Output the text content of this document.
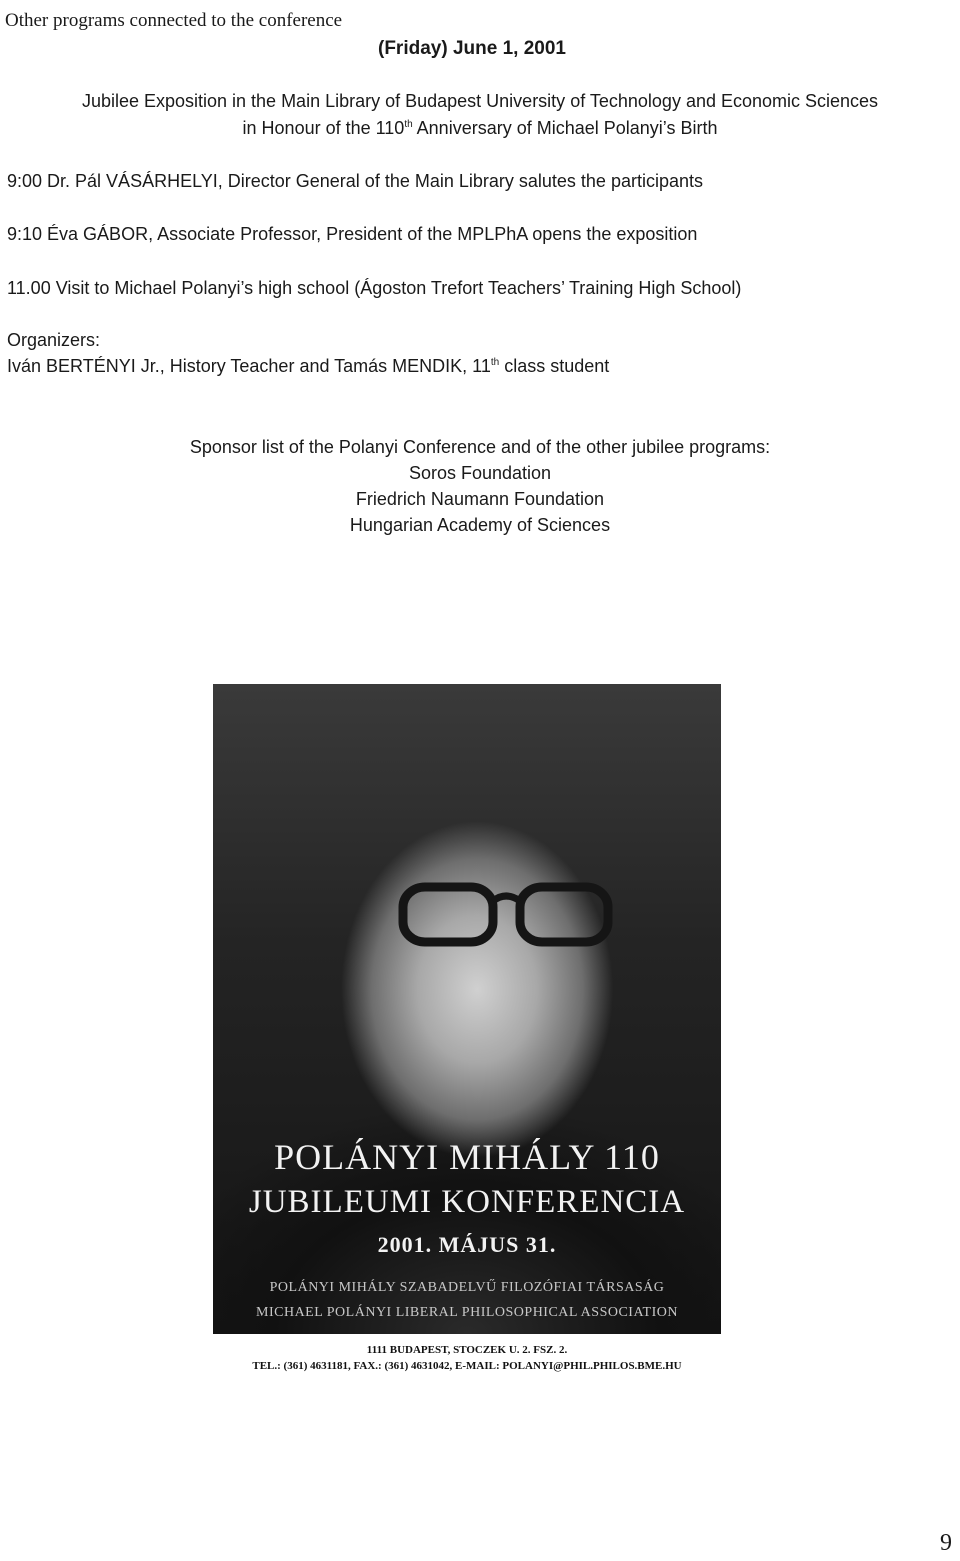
Other programs connected to the conference
(Friday) June 1, 2001
Jubilee Exposition in the Main Library of Budapest University of Technology and Economic Sciences
in Honour of the 110th Anniversary of Michael Polanyi’s Birth
9:00 Dr. Pál VÁSÁRHELYI, Director General of the Main Library salutes the participants
9:10 Éva GÁBOR, Associate Professor, President of the MPLPhA opens the exposition
11.00 Visit to Michael Polanyi’s high school (Ágoston Trefort Teachers’ Training High School)
Organizers:
Iván BERTÉNYI Jr., History Teacher and Tamás MENDIK, 11th class student
Sponsor list of the Polanyi Conference and of the other jubilee programs:
Soros Foundation
Friedrich Naumann Foundation
Hungarian Academy of Sciences
POLÁNYI MIHÁLY 110
JUBILEUMI KONFERENCIA
2001. MÁJUS 31.
POLÁNYI MIHÁLY SZABADELVŰ FILOZÓFIAI TÁRSASÁG
MICHAEL POLÁNYI LIBERAL PHILOSOPHICAL ASSOCIATION
1111 BUDAPEST, STOCZEK U. 2. FSZ. 2.
TEL.: (361) 4631181, FAX.: (361) 4631042, E-MAIL: POLANYI@PHIL.PHILOS.BME.HU
9
